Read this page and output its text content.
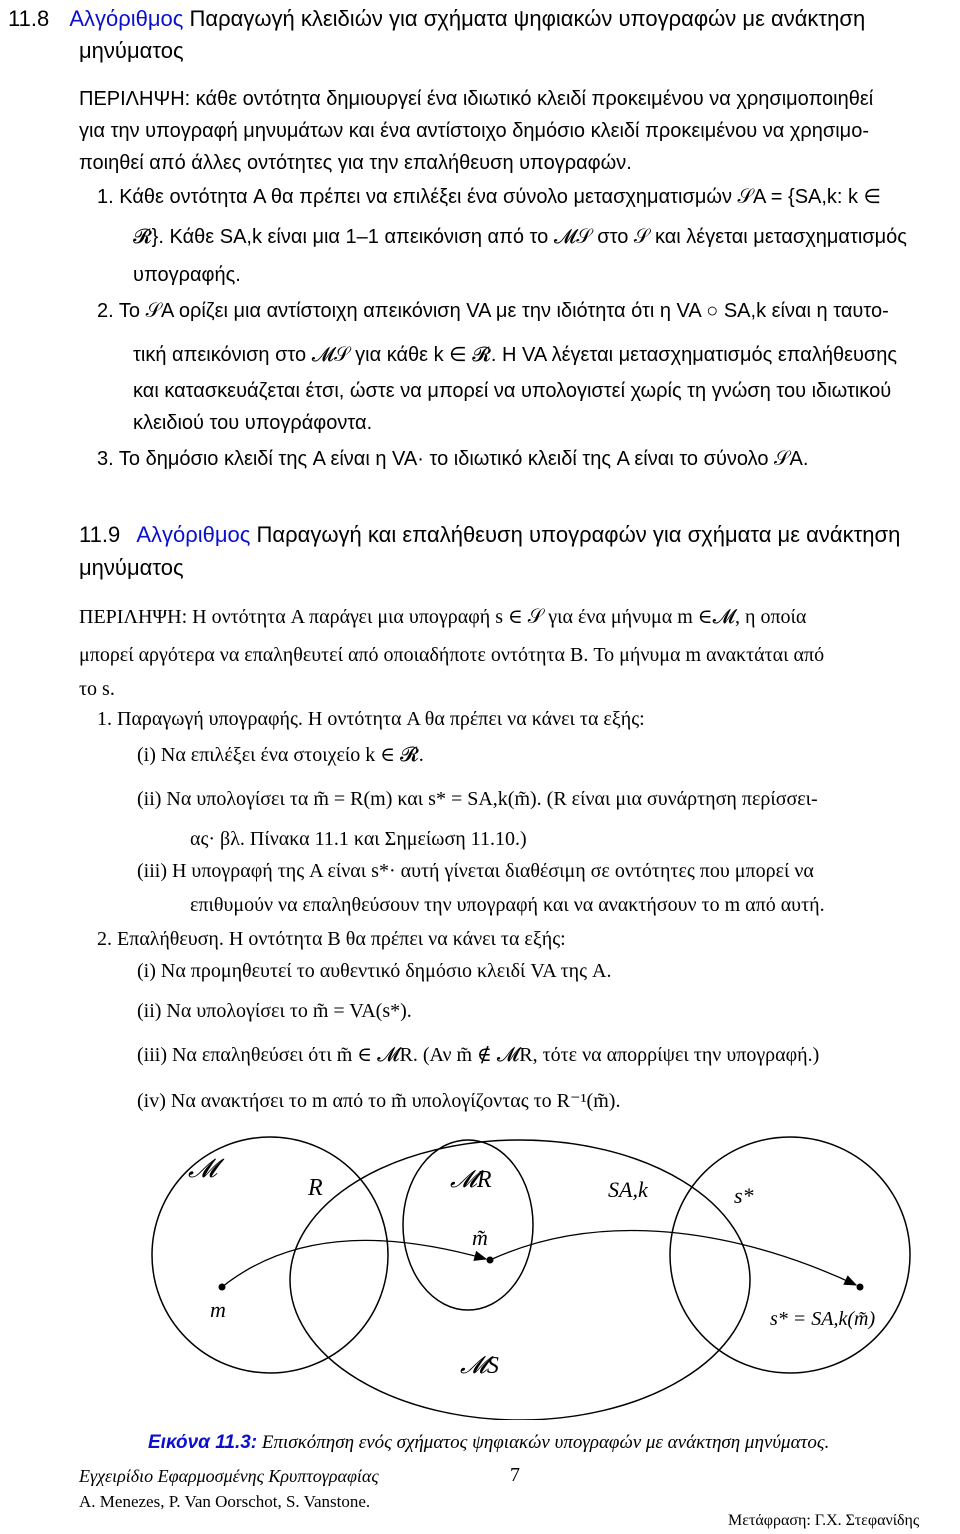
11.8 Αλγόριθμος Παραγωγή κλειδιών για σχήματα ψηφιακών υπογραφών με ανάκτηση
μηνύματος
ΠΕΡΙΛΗΨΗ: κάθε οντότητα δημιουργεί ένα ιδιωτικό κλειδί προκειμένου να χρησιμοποιηθεί
για την υπογραφή μηνυμάτων και ένα αντίστοιχο δημόσιο κλειδί προκειμένου να χρησιμο-
ποιηθεί από άλλες οντότητες για την επαλήθευση υπογραφών.
1. Κάθε οντότητα A θα πρέπει να επιλέξει ένα σύνολο μετασχηματισμών 𝒮A = {SA,k: k ∈
𝓡}. Κάθε SA,k είναι μια 1–1 απεικόνιση από το 𝓜𝒮 στο 𝒮 και λέγεται μετασχηματισμός
υπογραφής.
2. Το 𝒮A ορίζει μια αντίστοιχη απεικόνιση VA με την ιδιότητα ότι η VA ○ SA,k είναι η ταυτο-
τική απεικόνιση στο 𝓜𝒮 για κάθε k ∈ 𝓡. Η VA λέγεται μετασχηματισμός επαλήθευσης
και κατασκευάζεται έτσι, ώστε να μπορεί να υπολογιστεί χωρίς τη γνώση του ιδιωτικού
κλειδιού του υπογράφοντα.
3. Το δημόσιο κλειδί της A είναι η VA· το ιδιωτικό κλειδί της A είναι το σύνολο 𝒮A.
11.9 Αλγόριθμος Παραγωγή και επαλήθευση υπογραφών για σχήματα με ανάκτηση
μηνύματος
ΠΕΡΙΛΗΨΗ: Η οντότητα A παράγει μια υπογραφή s ∈ 𝒮 για ένα μήνυμα m ∈𝓜, η οποία
μπορεί αργότερα να επαληθευτεί από οποιαδήποτε οντότητα B. Το μήνυμα m ανακτάται από
το s.
1. Παραγωγή υπογραφής. Η οντότητα A θα πρέπει να κάνει τα εξής:
(i) Να επιλέξει ένα στοιχείο k ∈ 𝓡.
(ii) Να υπολογίσει τα m̃ = R(m) και s* = SA,k(m̃). (R είναι μια συνάρτηση περίσσει-
ας· βλ. Πίνακα 11.1 και Σημείωση 11.10.)
(iii) Η υπογραφή της A είναι s*· αυτή γίνεται διαθέσιμη σε οντότητες που μπορεί να
επιθυμούν να επαληθεύσουν την υπογραφή και να ανακτήσουν το m από αυτή.
2. Επαλήθευση. Η οντότητα B θα πρέπει να κάνει τα εξής:
(i) Να προμηθευτεί το αυθεντικό δημόσιο κλειδί VA της A.
(ii) Να υπολογίσει το m̃ = VA(s*).
(iii) Να επαληθεύσει ότι m̃ ∈ 𝓜R. (Αν m̃ ∉ 𝓜R, τότε να απορρίψει την υπογραφή.)
(iv) Να ανακτήσει το m από το m̃ υπολογίζοντας το R⁻¹(m̃).
𝓜
R	𝓜R	SA,k
m
m̃
𝓜S
s*
s* = SA,k(m̃)
Εικόνα 11.3: Επισκόπηση ενός σχήματος ψηφιακών υπογραφών με ανάκτηση μηνύματος.
Εγχειρίδιο Εφαρμοσμένης Κρυπτογραφίας	7
A. Menezes, P. Van Oorschot, S. Vanstone.
Μετάφραση: Γ.Χ. Στεφανίδης
